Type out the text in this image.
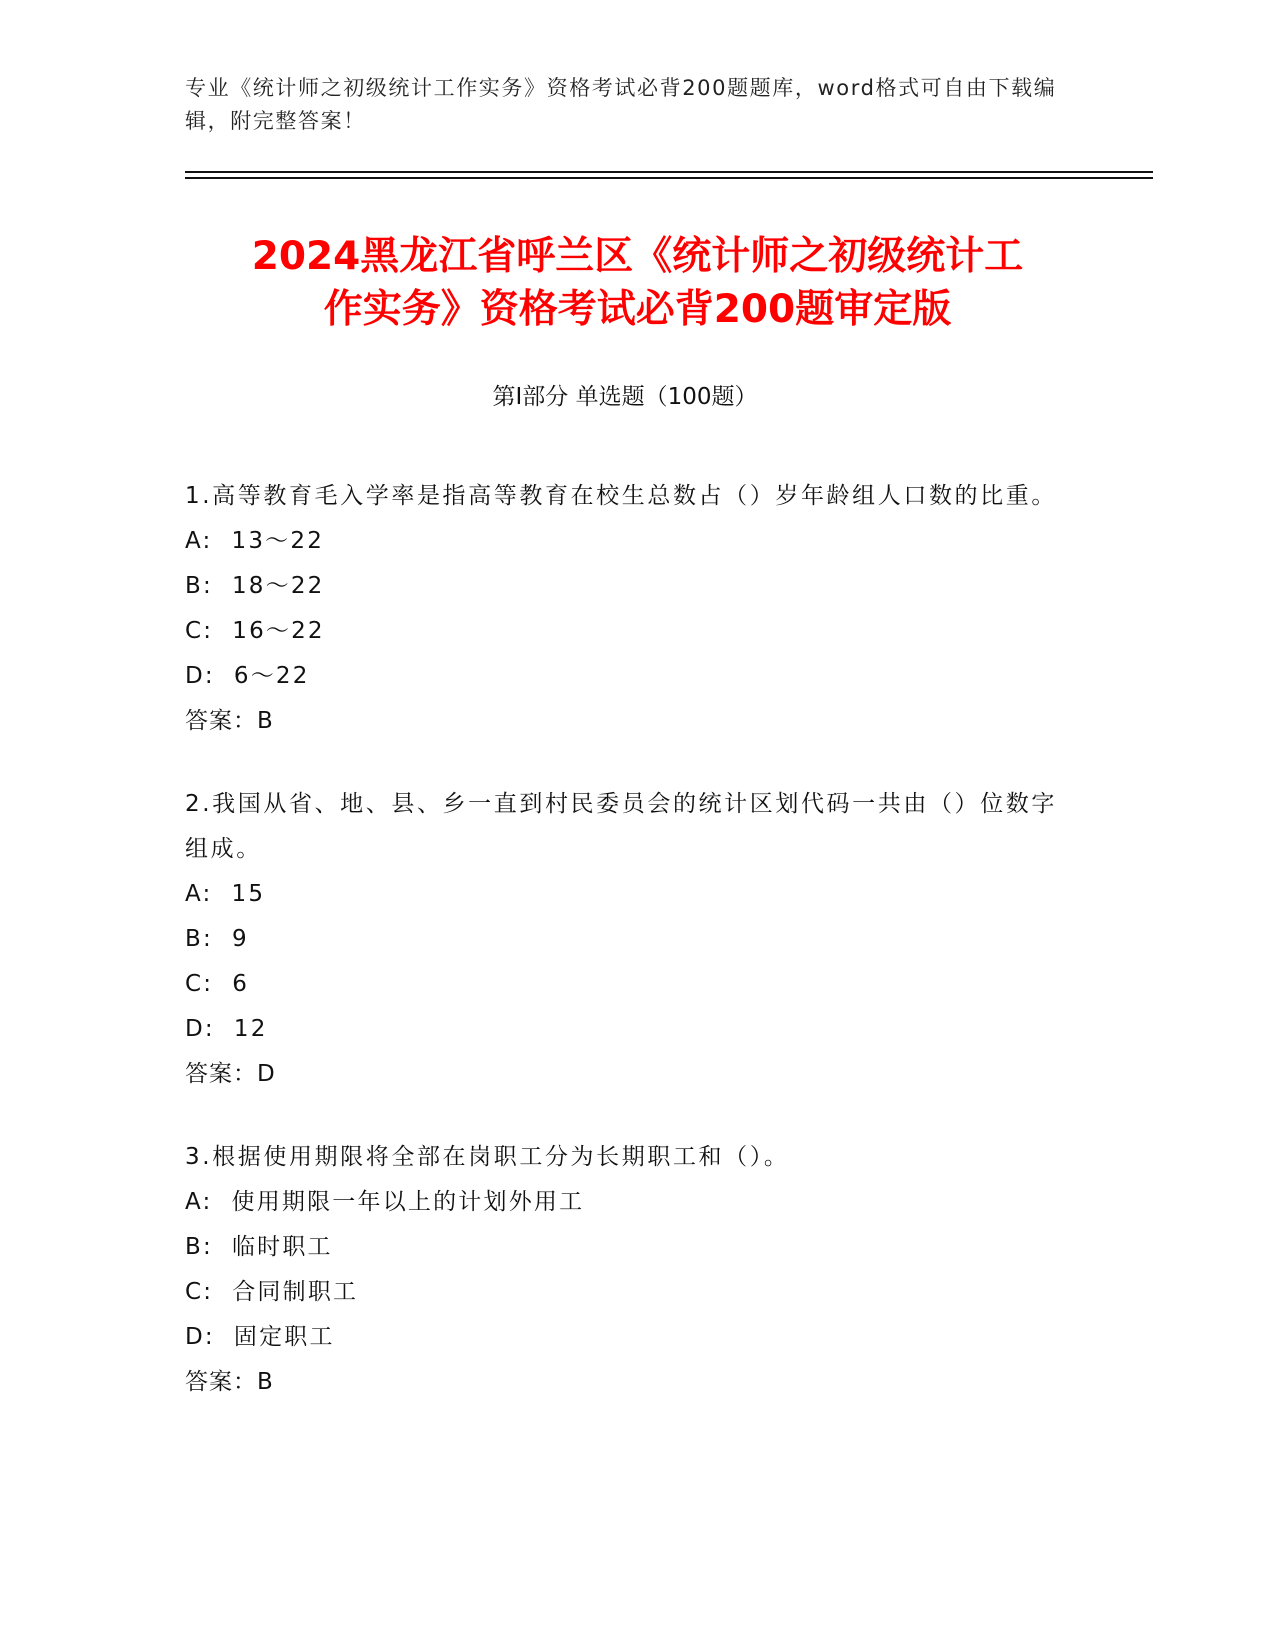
专业《统计师之初级统计工作实务》资格考试必背200题题库，word格式可自由下载编辑，附完整答案！
2024黑龙江省呼兰区《统计师之初级统计工
作实务》资格考试必背200题审定版
第Ⅰ部分 单选题（100题）

1.高等教育毛入学率是指高等教育在校生总数占（）岁年龄组人口数的比重。

A:  13～22

B:  18～22

C:  16～22

D:  6～22

答案：B

2.我国从省、地、县、乡一直到村民委员会的统计区划代码一共由（）位数字组成。

A:  15

B:  9

C:  6

D:  12

答案：D

3.根据使用期限将全部在岗职工分为长期职工和（）。

A:  使用期限一年以上的计划外用工

B:  临时职工

C:  合同制职工

D:  固定职工

答案：B
